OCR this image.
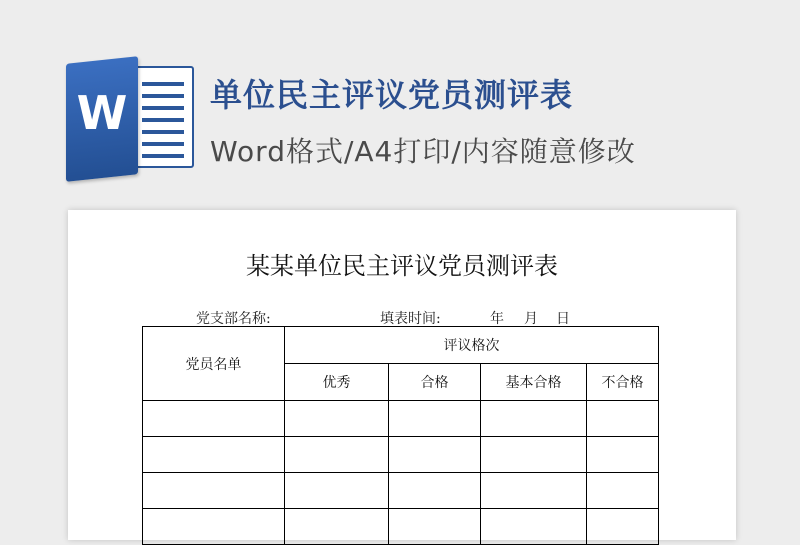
W	单位民主评议党员测评表
Word格式/A4打印/内容随意修改
某某单位民主评议党员测评表
党支部名称:	填表时间:	年 月 日
党员名单	评议格次			
	优秀	合格	基本合格	不合格
